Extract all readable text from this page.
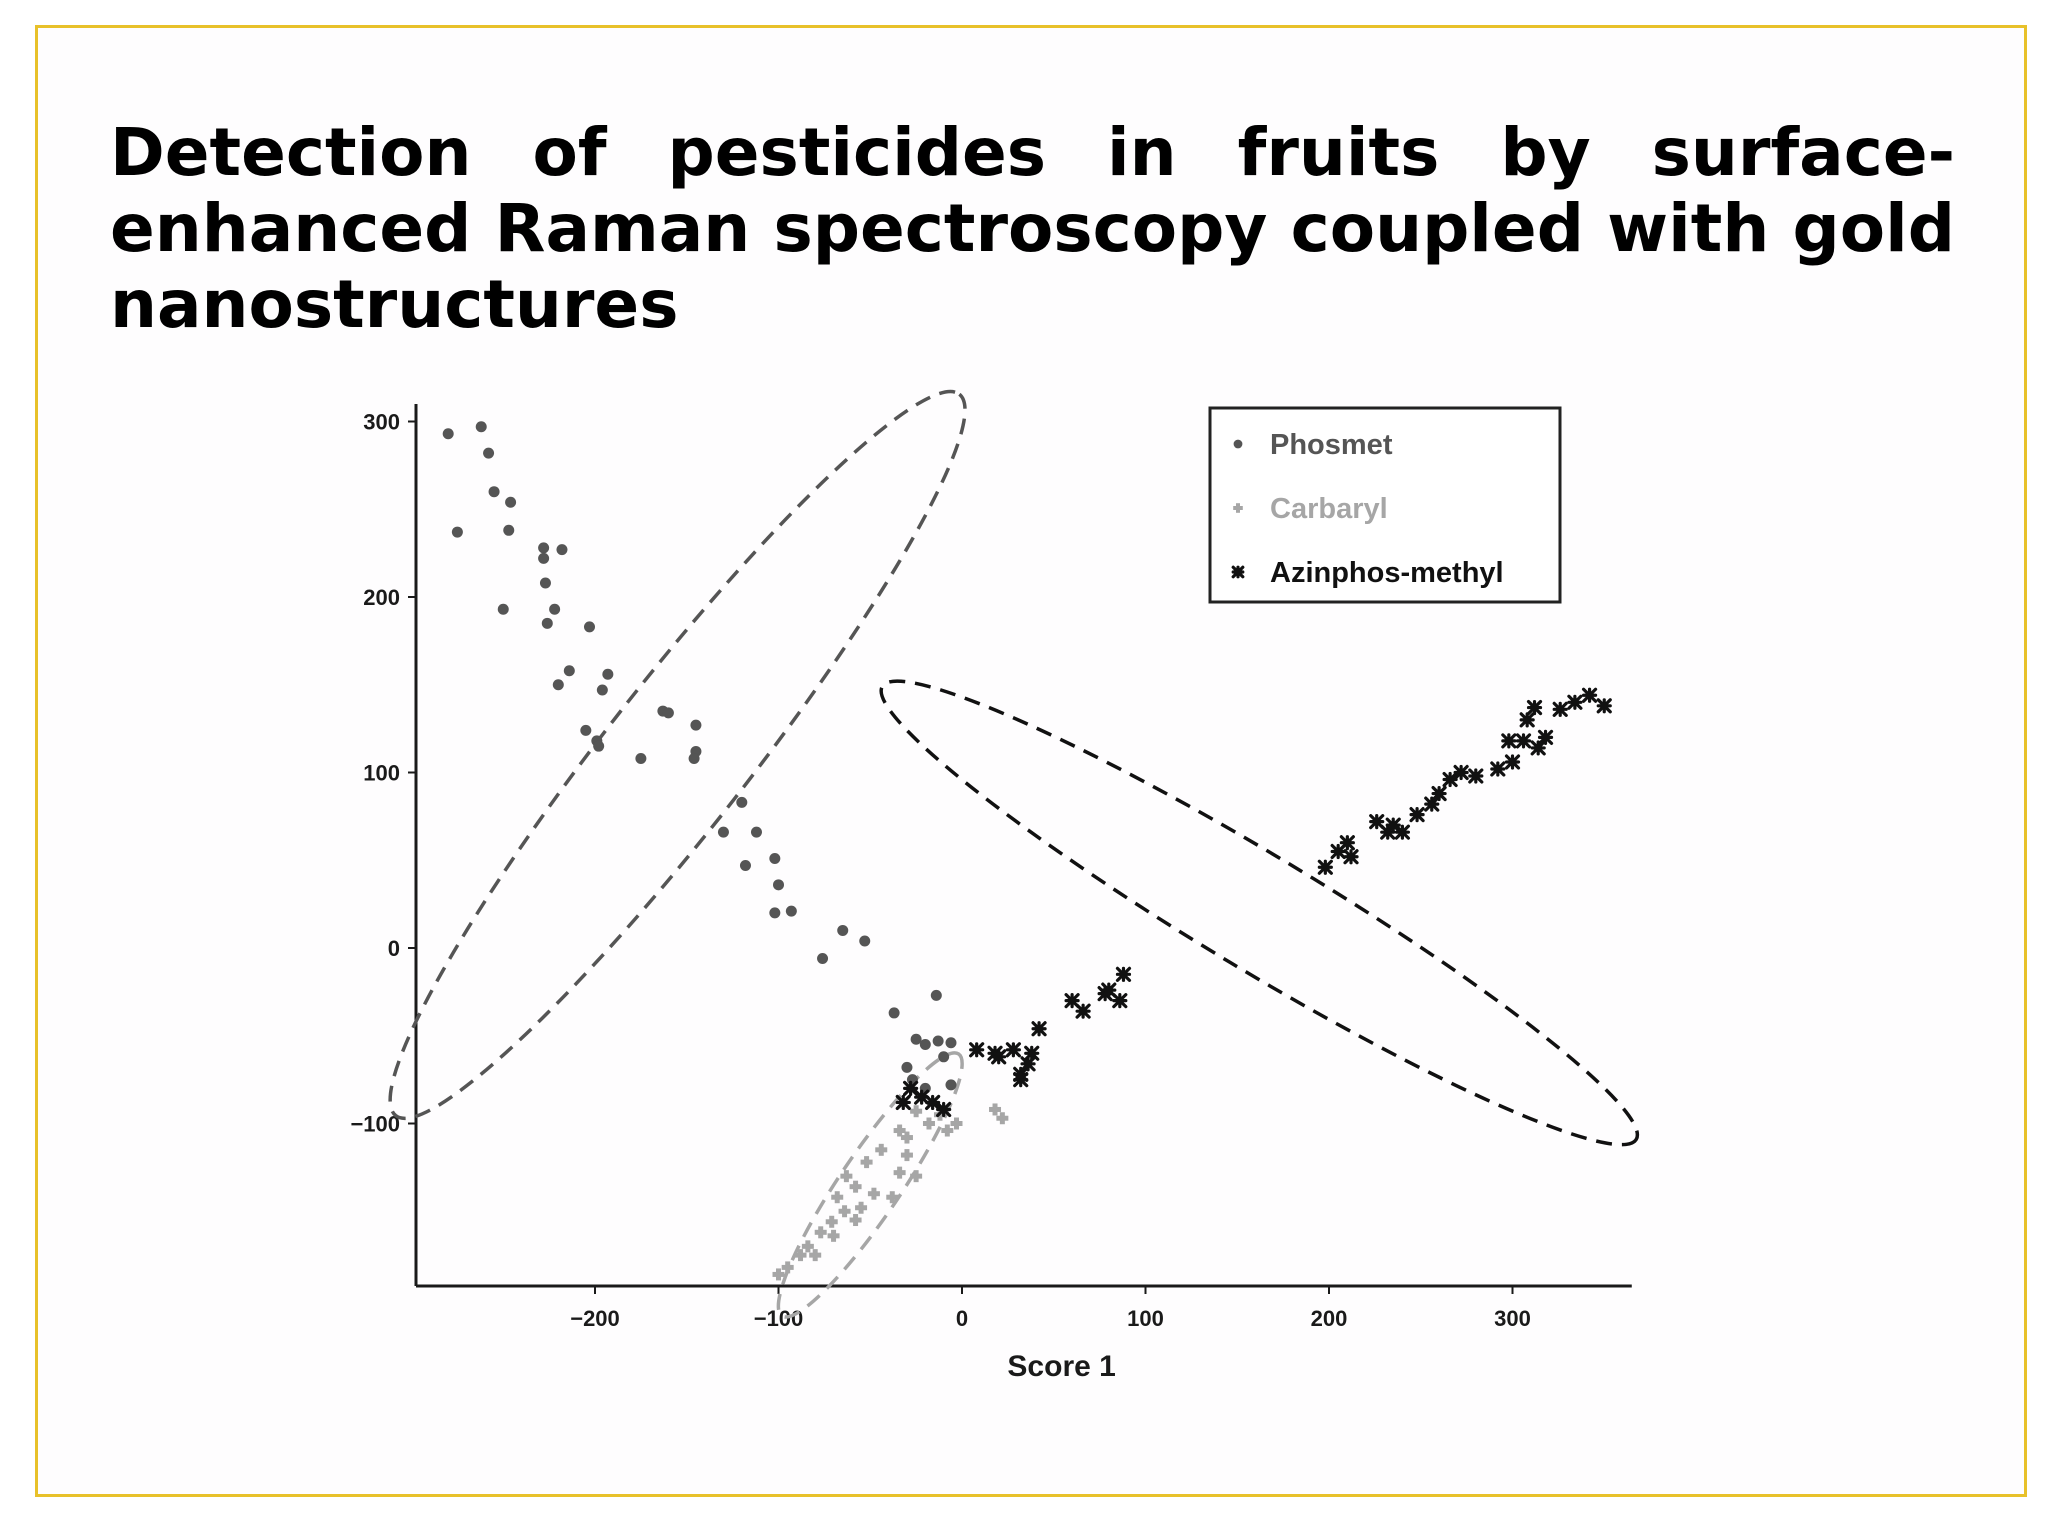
Detection of pesticides in fruits by surface-enhanced Raman spectroscopy coupled with gold nanostructures
−200	−100	0	100	200	300
300
200
100
0
−100
Score 1
Phosmet
Carbaryl
Azinphos-methyl
